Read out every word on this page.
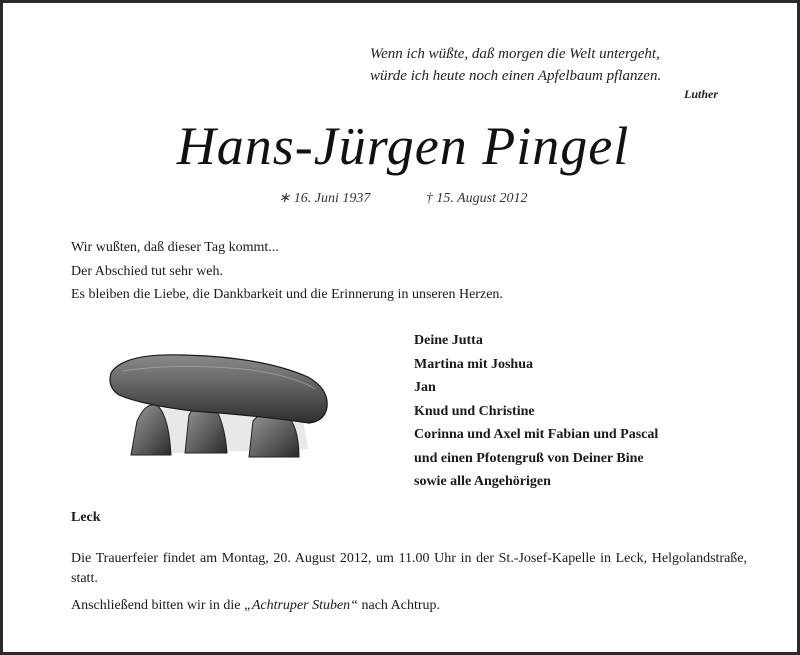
Wenn ich wüßte, daß morgen die Welt untergeht,
würde ich heute noch einen Apfelbaum pflanzen.
Luther
Hans-Jürgen Pingel
∗ 16. Juni 1937	† 15. August 2012
Wir wußten, daß dieser Tag kommt...
Der Abschied tut sehr weh.
Es bleiben die Liebe, die Dankbarkeit und die Erinnerung in unseren Herzen.
Deine Jutta
Martina mit Joshua
Jan
Knud und Christine
Corinna und Axel mit Fabian und Pascal
und einen Pfotengruß von Deiner Bine
sowie alle Angehörigen
Leck
Die Trauerfeier findet am Montag, 20. August 2012, um 11.00 Uhr in der St.-Josef-Kapelle in Leck, Helgolandstraße, statt.
Anschließend bitten wir in die „Achtruper Stuben“ nach Achtrup.
